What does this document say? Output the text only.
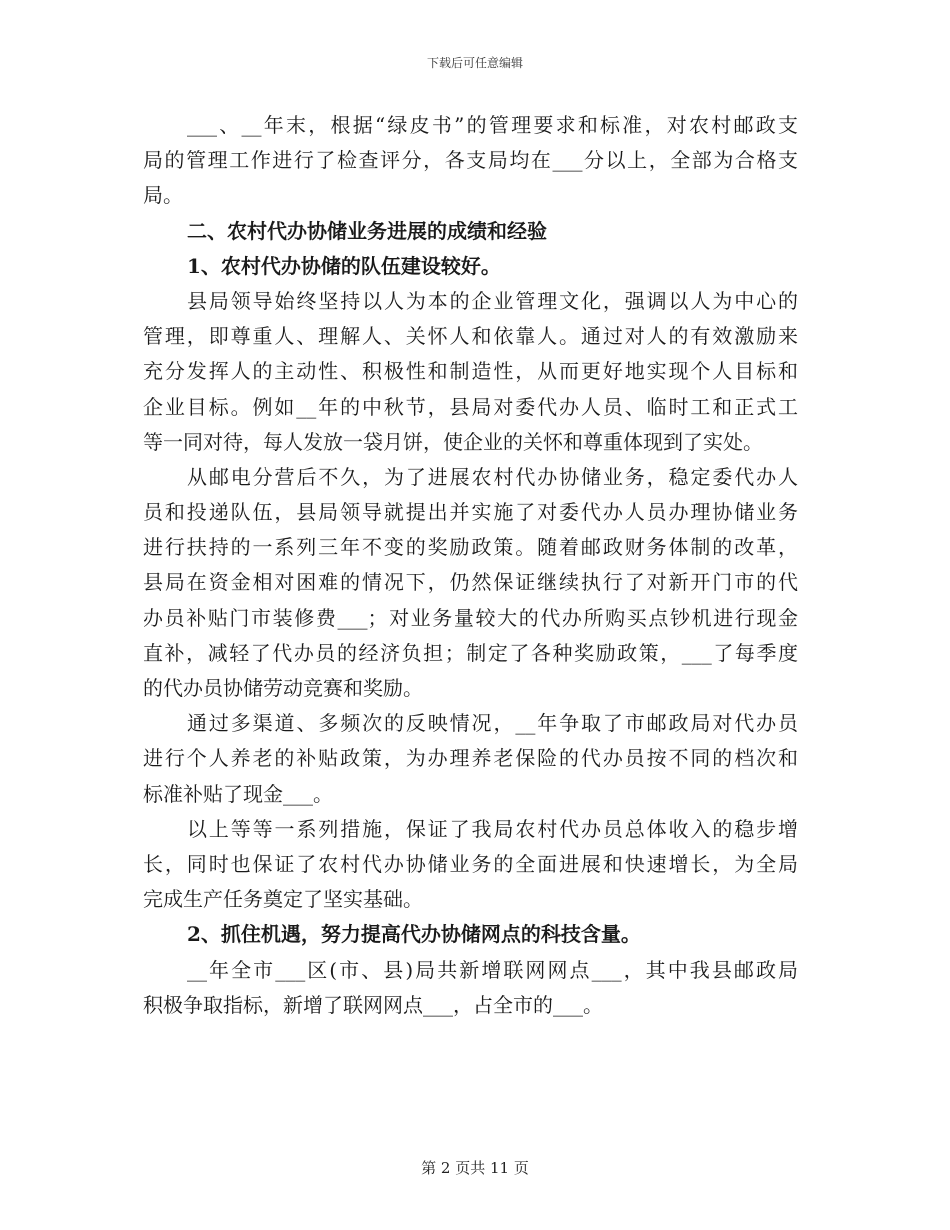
下载后可任意编辑
___、__年末，根据“绿皮书”的管理要求和标准，对农村邮政支
局的管理工作进行了检查评分，各支局均在___分以上，全部为合格支
局。
二、农村代办协储业务进展的成绩和经验
1、农村代办协储的队伍建设较好。
县局领导始终坚持以人为本的企业管理文化，强调以人为中心的
管理，即尊重人、理解人、关怀人和依靠人。通过对人的有效激励来
充分发挥人的主动性、积极性和制造性，从而更好地实现个人目标和
企业目标。例如__年的中秋节，县局对委代办人员、临时工和正式工
等一同对待，每人发放一袋月饼，使企业的关怀和尊重体现到了实处。
从邮电分营后不久，为了进展农村代办协储业务，稳定委代办人
员和投递队伍，县局领导就提出并实施了对委代办人员办理协储业务
进行扶持的一系列三年不变的奖励政策。随着邮政财务体制的改革，
县局在资金相对困难的情况下，仍然保证继续执行了对新开门市的代
办员补贴门市装修费___；对业务量较大的代办所购买点钞机进行现金
直补，减轻了代办员的经济负担；制定了各种奖励政策，___了每季度
的代办员协储劳动竞赛和奖励。
通过多渠道、多频次的反映情况，__年争取了市邮政局对代办员
进行个人养老的补贴政策，为办理养老保险的代办员按不同的档次和
标准补贴了现金___。
以上等等一系列措施，保证了我局农村代办员总体收入的稳步增
长，同时也保证了农村代办协储业务的全面进展和快速增长，为全局
完成生产任务奠定了坚实基础。
2、抓住机遇，努力提高代办协储网点的科技含量。
__年全市___区(市、县)局共新增联网网点___，其中我县邮政局
积极争取指标，新增了联网网点___，占全市的___。
第 2 页共 11 页
